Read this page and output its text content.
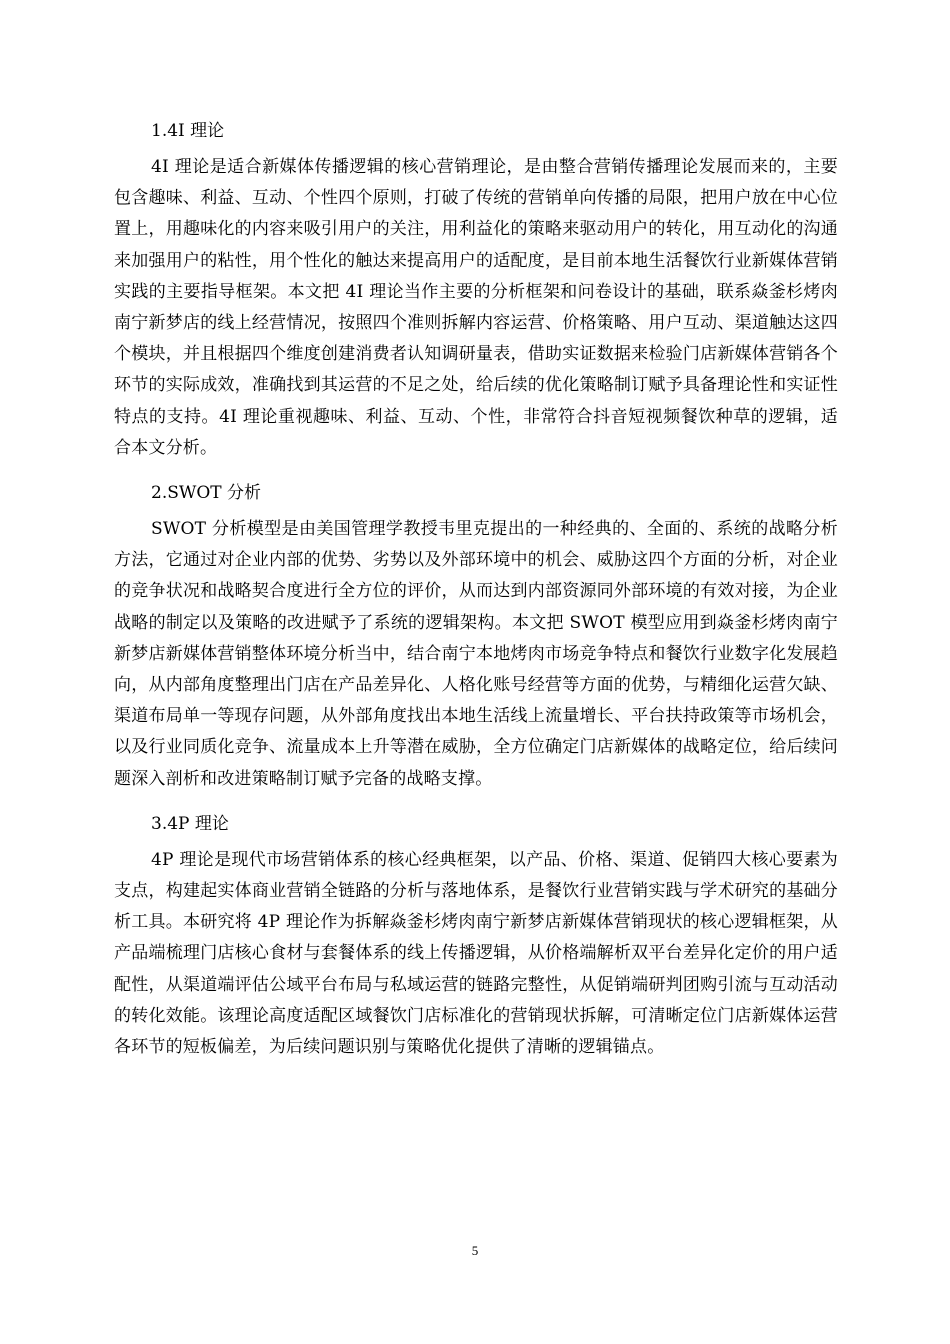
1.4I 理论

4I 理论是适合新媒体传播逻辑的核心营销理论，是由整合营销传播理论发展而来的，主要包含趣味、利益、互动、个性四个原则，打破了传统的营销单向传播的局限，把用户放在中心位置上，用趣味化的内容来吸引用户的关注，用利益化的策略来驱动用户的转化，用互动化的沟通来加强用户的粘性，用个性化的触达来提高用户的适配度，是目前本地生活餐饮行业新媒体营销实践的主要指导框架。本文把 4I 理论当作主要的分析框架和问卷设计的基础，联系焱釜杉烤肉南宁新梦店的线上经营情况，按照四个准则拆解内容运营、价格策略、用户互动、渠道触达这四个模块，并且根据四个维度创建消费者认知调研量表，借助实证数据来检验门店新媒体营销各个环节的实际成效，准确找到其运营的不足之处，给后续的优化策略制订赋予具备理论性和实证性特点的支持。4I 理论重视趣味、利益、互动、个性，非常符合抖音短视频餐饮种草的逻辑，适合本文分析。

2.SWOT 分析

SWOT 分析模型是由美国管理学教授韦里克提出的一种经典的、全面的、系统的战略分析方法，它通过对企业内部的优势、劣势以及外部环境中的机会、威胁这四个方面的分析，对企业的竞争状况和战略契合度进行全方位的评价，从而达到内部资源同外部环境的有效对接，为企业战略的制定以及策略的改进赋予了系统的逻辑架构。本文把 SWOT 模型应用到焱釜杉烤肉南宁新梦店新媒体营销整体环境分析当中，结合南宁本地烤肉市场竞争特点和餐饮行业数字化发展趋向，从内部角度整理出门店在产品差异化、人格化账号经营等方面的优势，与精细化运营欠缺、渠道布局单一等现存问题，从外部角度找出本地生活线上流量增长、平台扶持政策等市场机会，以及行业同质化竞争、流量成本上升等潜在威胁，全方位确定门店新媒体的战略定位，给后续问题深入剖析和改进策略制订赋予完备的战略支撑。

3.4P 理论

4P 理论是现代市场营销体系的核心经典框架，以产品、价格、渠道、促销四大核心要素为支点，构建起实体商业营销全链路的分析与落地体系，是餐饮行业营销实践与学术研究的基础分析工具。本研究将 4P 理论作为拆解焱釜杉烤肉南宁新梦店新媒体营销现状的核心逻辑框架，从产品端梳理门店核心食材与套餐体系的线上传播逻辑，从价格端解析双平台差异化定价的用户适配性，从渠道端评估公域平台布局与私域运营的链路完整性，从促销端研判团购引流与互动活动的转化效能。该理论高度适配区域餐饮门店标准化的营销现状拆解，可清晰定位门店新媒体运营各环节的短板偏差，为后续问题识别与策略优化提供了清晰的逻辑锚点。

5
